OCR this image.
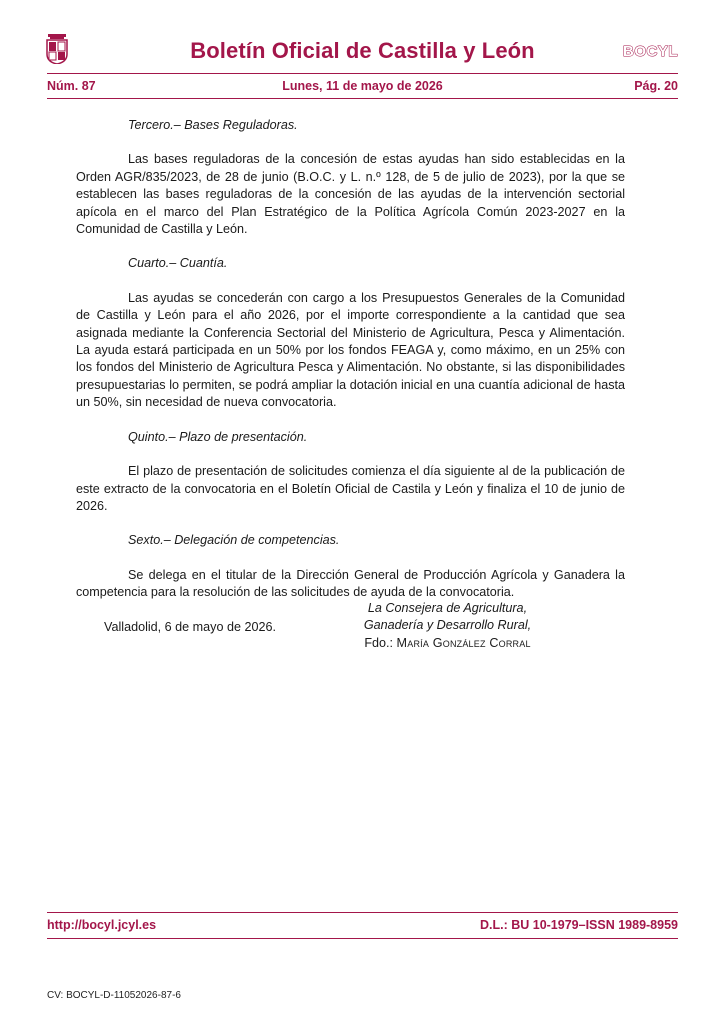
Boletín Oficial de Castilla y León	BOCYL
Núm. 87	Lunes, 11 de mayo de 2026	Pág. 20

Tercero.– Bases Reguladoras.

Las bases reguladoras de la concesión de estas ayudas han sido establecidas en la Orden AGR/835/2023, de 28 de junio (B.O.C. y L. n.º 128, de 5 de julio de 2023), por la que se establecen las bases reguladoras de la concesión de las ayudas de la intervención sectorial apícola en el marco del Plan Estratégico de la Política Agrícola Común 2023-2027 en la Comunidad de Castilla y León.

Cuarto.– Cuantía.

Las ayudas se concederán con cargo a los Presupuestos Generales de la Comunidad de Castilla y León para el año 2026, por el importe correspondiente a la cantidad que sea asignada mediante la Conferencia Sectorial del Ministerio de Agricultura, Pesca y Alimentación. La ayuda estará participada en un 50% por los fondos FEAGA y, como máximo, en un 25% con los fondos del Ministerio de Agricultura Pesca y Alimentación. No obstante, si las disponibilidades presupuestarias lo permiten, se podrá ampliar la dotación inicial en una cuantía adicional de hasta un 50%, sin necesidad de nueva convocatoria.

Quinto.– Plazo de presentación.

El plazo de presentación de solicitudes comienza el día siguiente al de la publicación de este extracto de la convocatoria en el Boletín Oficial de Castila y León y finaliza el 10 de junio de 2026.

Sexto.– Delegación de competencias.

Se delega en el titular de la Dirección General de Producción Agrícola y Ganadera la competencia para la resolución de las solicitudes de ayuda de la convocatoria.

Valladolid, 6 de mayo de 2026.

La Consejera de Agricultura,
Ganadería y Desarrollo Rural,
Fdo.: María González Corral
http://bocyl.jcyl.es	D.L.: BU 10-1979–ISSN 1989-8959
CV: BOCYL-D-11052026-87-6
